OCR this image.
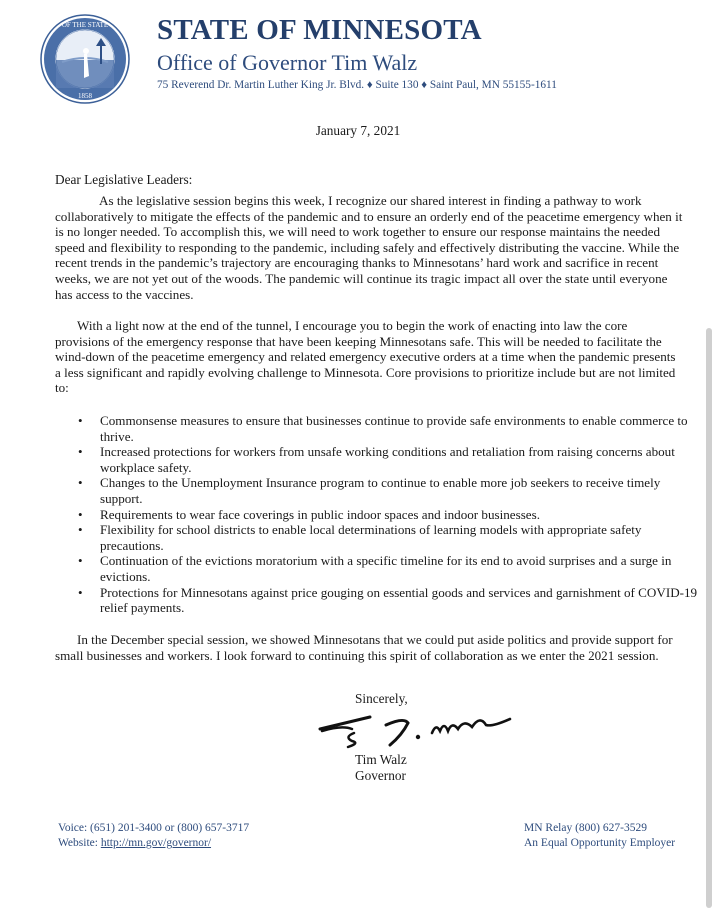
OF THE STATE
1858
STATE OF MINNESOTA
Office of Governor Tim Walz
75 Reverend Dr. Martin Luther King Jr. Blvd. ♦ Suite 130 ♦ Saint Paul, MN 55155-1611
January 7, 2021
Dear Legislative Leaders:

As the legislative session begins this week, I recognize our shared interest in finding a pathway to work collaboratively to mitigate the effects of the pandemic and to ensure an orderly end of the peacetime emergency when it is no longer needed. To accomplish this, we will need to work together to ensure our response maintains the needed speed and flexibility to responding to the pandemic, including safely and effectively distributing the vaccine. While the recent trends in the pandemic’s trajectory are encouraging thanks to Minnesotans’ hard work and sacrifice in recent weeks, we are not yet out of the woods. The pandemic will continue its tragic impact all over the state until everyone has access to the vaccines.

With a light now at the end of the tunnel, I encourage you to begin the work of enacting into law the core provisions of the emergency response that have been keeping Minnesotans safe. This will be needed to facilitate the wind-down of the peacetime emergency and related emergency executive orders at a time when the pandemic presents a less significant and rapidly evolving challenge to Minnesota. Core provisions to prioritize include but are not limited to:

• Commonsense measures to ensure that businesses continue to provide safe environments to enable commerce to thrive.
• Increased protections for workers from unsafe working conditions and retaliation from raising concerns about workplace safety.
• Changes to the Unemployment Insurance program to continue to enable more job seekers to receive timely support.
• Requirements to wear face coverings in public indoor spaces and indoor businesses.
• Flexibility for school districts to enable local determinations of learning models with appropriate safety precautions.
• Continuation of the evictions moratorium with a specific timeline for its end to avoid surprises and a surge in evictions.
• Protections for Minnesotans against price gouging on essential goods and services and garnishment of COVID-19 relief payments.

In the December special session, we showed Minnesotans that we could put aside politics and provide support for small businesses and workers. I look forward to continuing this spirit of collaboration as we enter the 2021 session.

Sincerely,
Tim Walz
Governor
Voice: (651) 201-3400 or (800) 657-3717
Website: http://mn.gov/governor/
MN Relay (800) 627-3529
An Equal Opportunity Employer
